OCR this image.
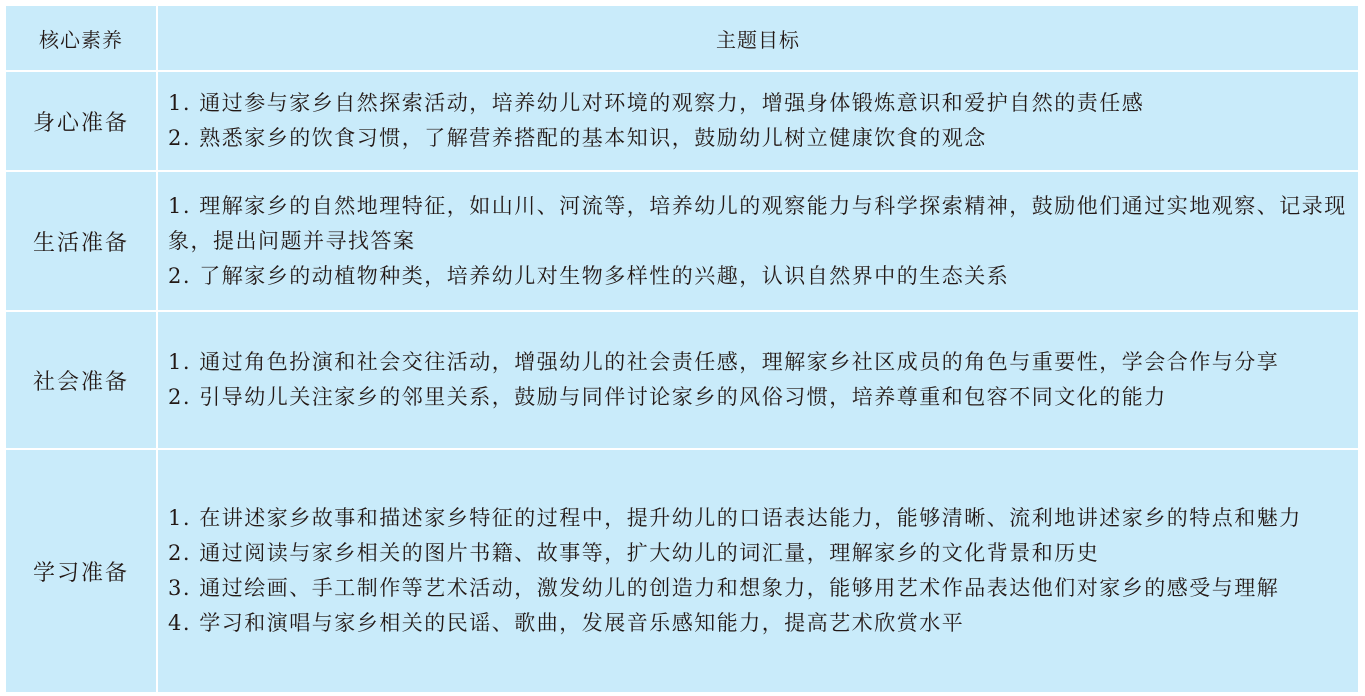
核心素养	主题目标
身心准备	1. 通过参与家乡自然探索活动，培养幼儿对环境的观察力，增强身体锻炼意识和爱护自然的责任感
2. 熟悉家乡的饮食习惯，了解营养搭配的基本知识，鼓励幼儿树立健康饮食的观念

生活准备	1. 理解家乡的自然地理特征，如山川、河流等，培养幼儿的观察能力与科学探索精神，鼓励他们通过实地观察、记录现象，提出问题并寻找答案
2. 了解家乡的动植物种类，培养幼儿对生物多样性的兴趣，认识自然界中的生态关系

社会准备	1. 通过角色扮演和社会交往活动，增强幼儿的社会责任感，理解家乡社区成员的角色与重要性，学会合作与分享
2. 引导幼儿关注家乡的邻里关系，鼓励与同伴讨论家乡的风俗习惯，培养尊重和包容不同文化的能力

学习准备	1. 在讲述家乡故事和描述家乡特征的过程中，提升幼儿的口语表达能力，能够清晰、流利地讲述家乡的特点和魅力
2. 通过阅读与家乡相关的图片书籍、故事等，扩大幼儿的词汇量，理解家乡的文化背景和历史
3. 通过绘画、手工制作等艺术活动，激发幼儿的创造力和想象力，能够用艺术作品表达他们对家乡的感受与理解
4. 学习和演唱与家乡相关的民谣、歌曲，发展音乐感知能力，提高艺术欣赏水平
